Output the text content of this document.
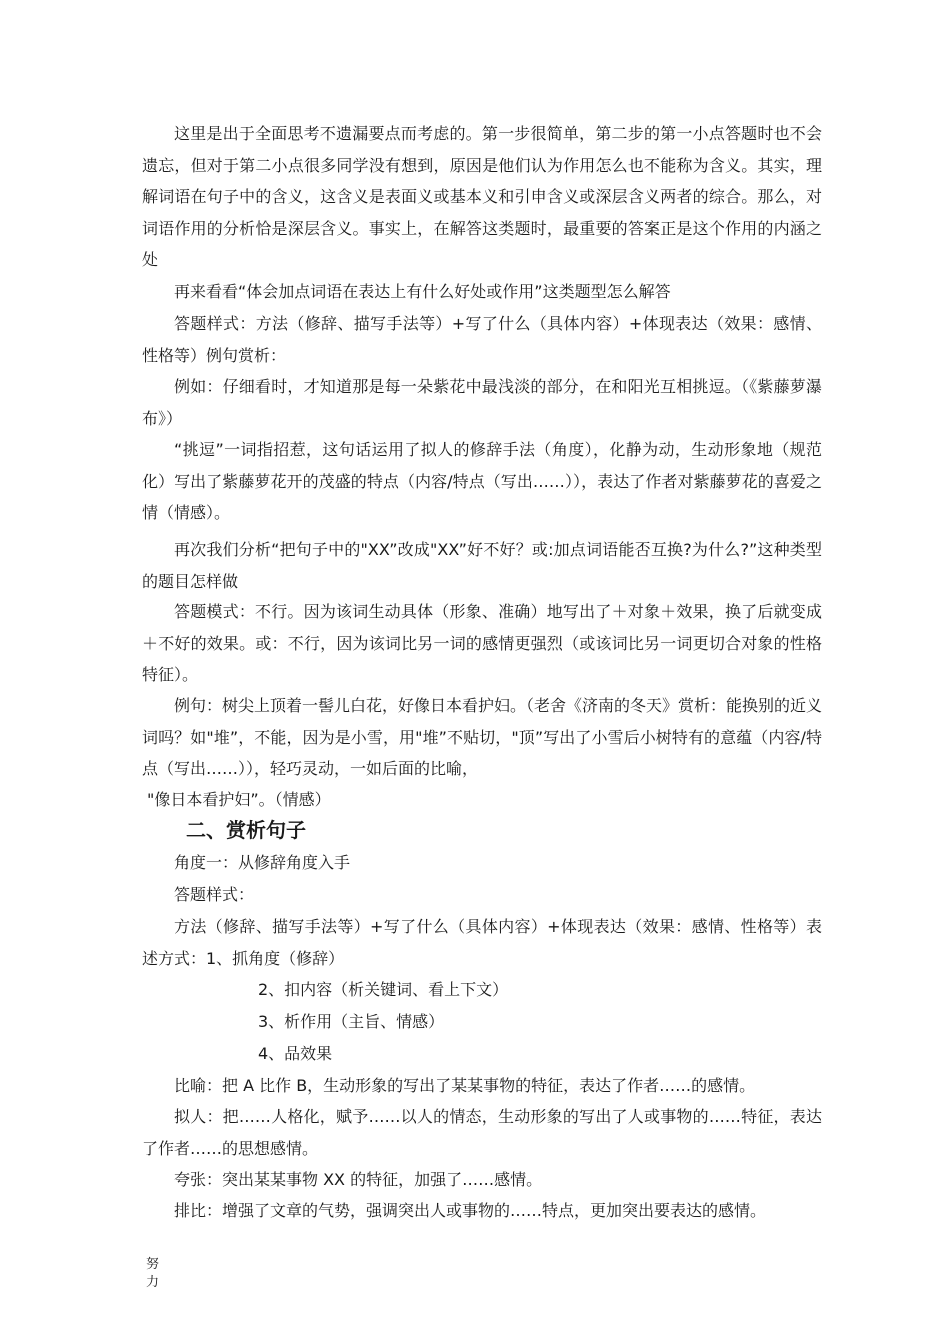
这里是出于全面思考不遗漏要点而考虑的。第一步很简单，第二步的第一小点答题时也不会遗忘，但对于第二小点很多同学没有想到，原因是他们认为作用怎么也不能称为含义。其实，理解词语在句子中的含义，这含义是表面义或基本义和引申含义或深层含义两者的综合。那么，对词语作用的分析恰是深层含义。事实上，在解答这类题时，最重要的答案正是这个作用的内涵之处

再来看看“体会加点词语在表达上有什么好处或作用”这类题型怎么解答

答题样式：方法（修辞、描写手法等）+写了什么（具体内容）+体现表达（效果：感情、性格等）例句赏析：

例如：仔细看时，才知道那是每一朵紫花中最浅淡的部分，在和阳光互相挑逗。（《紫藤萝瀑布》）

“挑逗”一词指招惹，这句话运用了拟人的修辞手法（角度），化静为动，生动形象地（规范化）写出了紫藤萝花开的茂盛的特点（内容/特点（写出……）），表达了作者对紫藤萝花的喜爱之情（情感）。

再次我们分析“把句子中的"XX”改成"XX”好不好？或:加点词语能否互换?为什么?”这种类型的题目怎样做

答题模式：不行。因为该词生动具体（形象、准确）地写出了＋对象＋效果，换了后就变成＋不好的效果。或：不行，因为该词比另一词的感情更强烈（或该词比另一词更切合对象的性格特征）。

例句：树尖上顶着一髻儿白花，好像日本看护妇。（老舍《济南的冬天》赏析：能换别的近义词吗？如"堆”，不能，因为是小雪，用"堆”不贴切，"顶”写出了小雪后小树特有的意蕴（内容/特点（写出……）），轻巧灵动，一如后面的比喻，

"像日本看护妇”。（情感）

二、赏析句子

角度一：从修辞角度入手

答题样式：

方法（修辞、描写手法等）+写了什么（具体内容）+体现表达（效果：感情、性格等）表述方式：1、抓角度（修辞）

2、扣内容（析关键词、看上下文）

3、析作用（主旨、情感）

4、品效果

比喻：把 A 比作 B，生动形象的写出了某某事物的特征，表达了作者……的感情。

拟人：把……人格化，赋予……以人的情态，生动形象的写出了人或事物的……特征，表达了作者……的思想感情。

夸张：突出某某事物 XX 的特征，加强了……感情。

排比：增强了文章的气势，强调突出人或事物的……特点，更加突出要表达的感情。

努力
